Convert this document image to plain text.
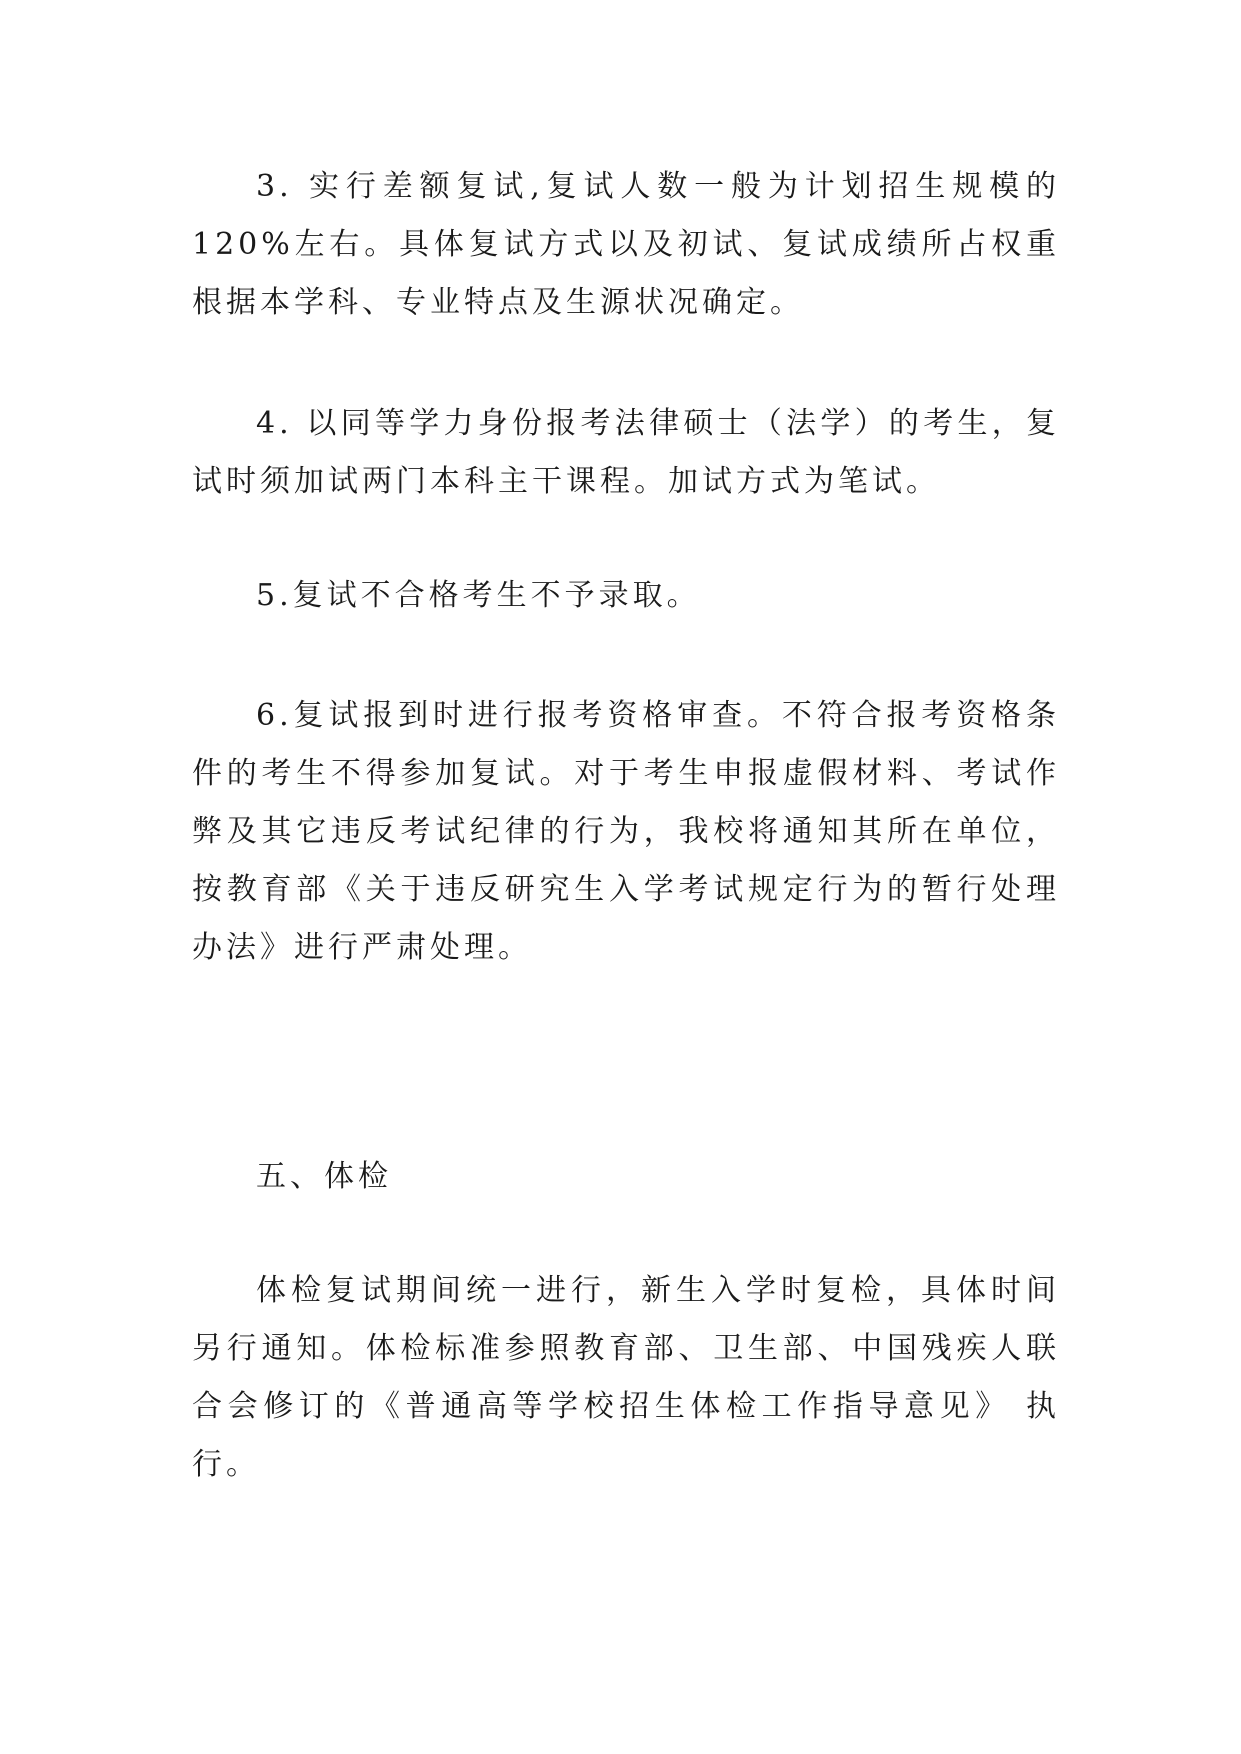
3. 实行差额复试,复试人数一般为计划招生规模的120%左右。具体复试方式以及初试、复试成绩所占权重根据本学科、专业特点及生源状况确定。

4. 以同等学力身份报考法律硕士（法学）的考生，复试时须加试两门本科主干课程。加试方式为笔试。

5.复试不合格考生不予录取。

6.复试报到时进行报考资格审查。不符合报考资格条件的考生不得参加复试。对于考生申报虚假材料、考试作弊及其它违反考试纪律的行为，我校将通知其所在单位，按教育部《关于违反研究生入学考试规定行为的暂行处理办法》进行严肃处理。

五、体检

体检复试期间统一进行，新生入学时复检，具体时间另行通知。体检标准参照教育部、卫生部、中国残疾人联合会修订的《普通高等学校招生体检工作指导意见》 执行。
